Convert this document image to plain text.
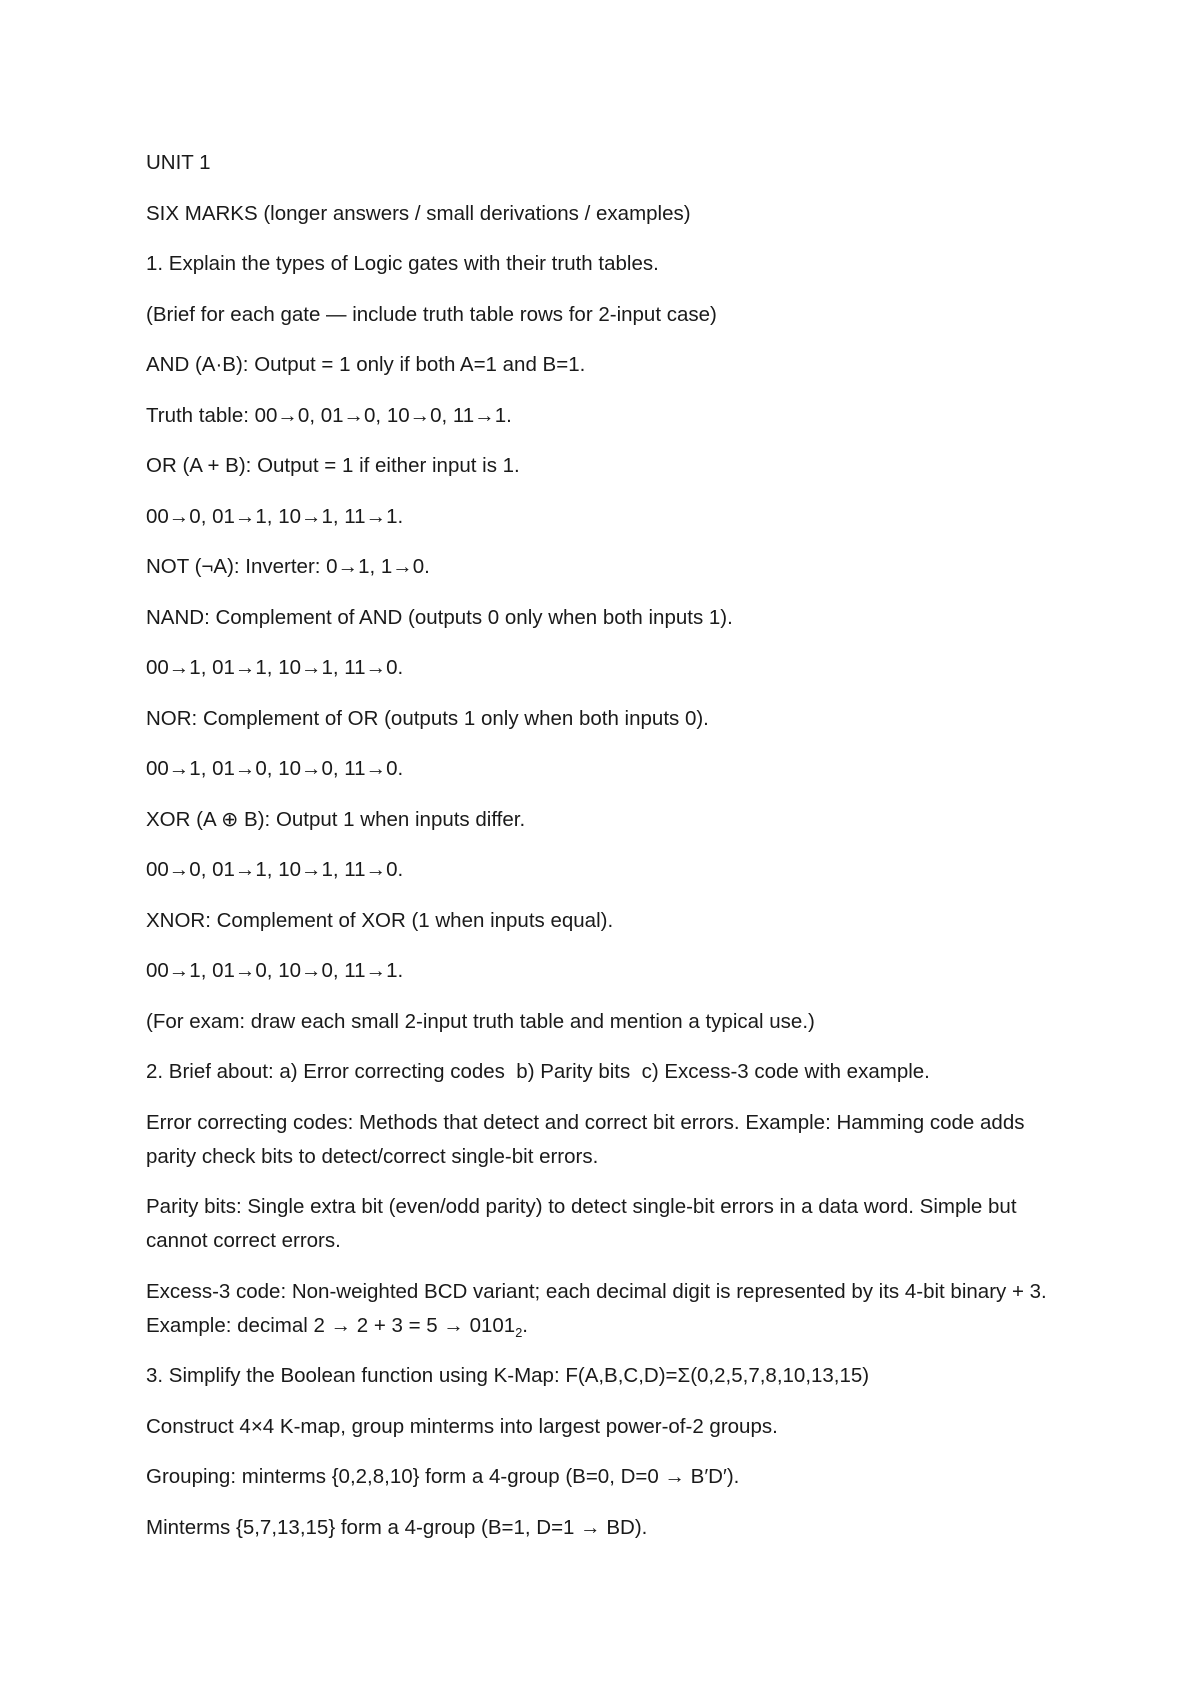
UNIT 1

SIX MARKS (longer answers / small derivations / examples)

1. Explain the types of Logic gates with their truth tables.

(Brief for each gate — include truth table rows for 2-input case)

AND (A·B): Output = 1 only if both A=1 and B=1.

Truth table: 00→0, 01→0, 10→0, 11→1.

OR (A + B): Output = 1 if either input is 1.

00→0, 01→1, 10→1, 11→1.

NOT (¬A): Inverter: 0→1, 1→0.

NAND: Complement of AND (outputs 0 only when both inputs 1).

00→1, 01→1, 10→1, 11→0.

NOR: Complement of OR (outputs 1 only when both inputs 0).

00→1, 01→0, 10→0, 11→0.

XOR (A ⊕ B): Output 1 when inputs differ.

00→0, 01→1, 10→1, 11→0.

XNOR: Complement of XOR (1 when inputs equal).

00→1, 01→0, 10→0, 11→1.

(For exam: draw each small 2-input truth table and mention a typical use.)

2. Brief about: a) Error correcting codes  b) Parity bits  c) Excess-3 code with example.

Error correcting codes: Methods that detect and correct bit errors. Example: Hamming code adds parity check bits to detect/correct single-bit errors.

Parity bits: Single extra bit (even/odd parity) to detect single-bit errors in a data word. Simple but cannot correct errors.

Excess-3 code: Non-weighted BCD variant; each decimal digit is represented by its 4-bit binary + 3. Example: decimal $2 \to 2 + 3 = 5 \to 0101_2$.

3. Simplify the Boolean function using K-Map: F(A,B,C,D)=Σ(0,2,5,7,8,10,13,15)

Construct 4×4 K-map, group minterms into largest power-of-2 groups.

Grouping: minterms {0,2,8,10} form a 4-group (B=0, D=0 → B′D′).

Minterms {5,7,13,15} form a 4-group (B=1, D=1 → BD).
